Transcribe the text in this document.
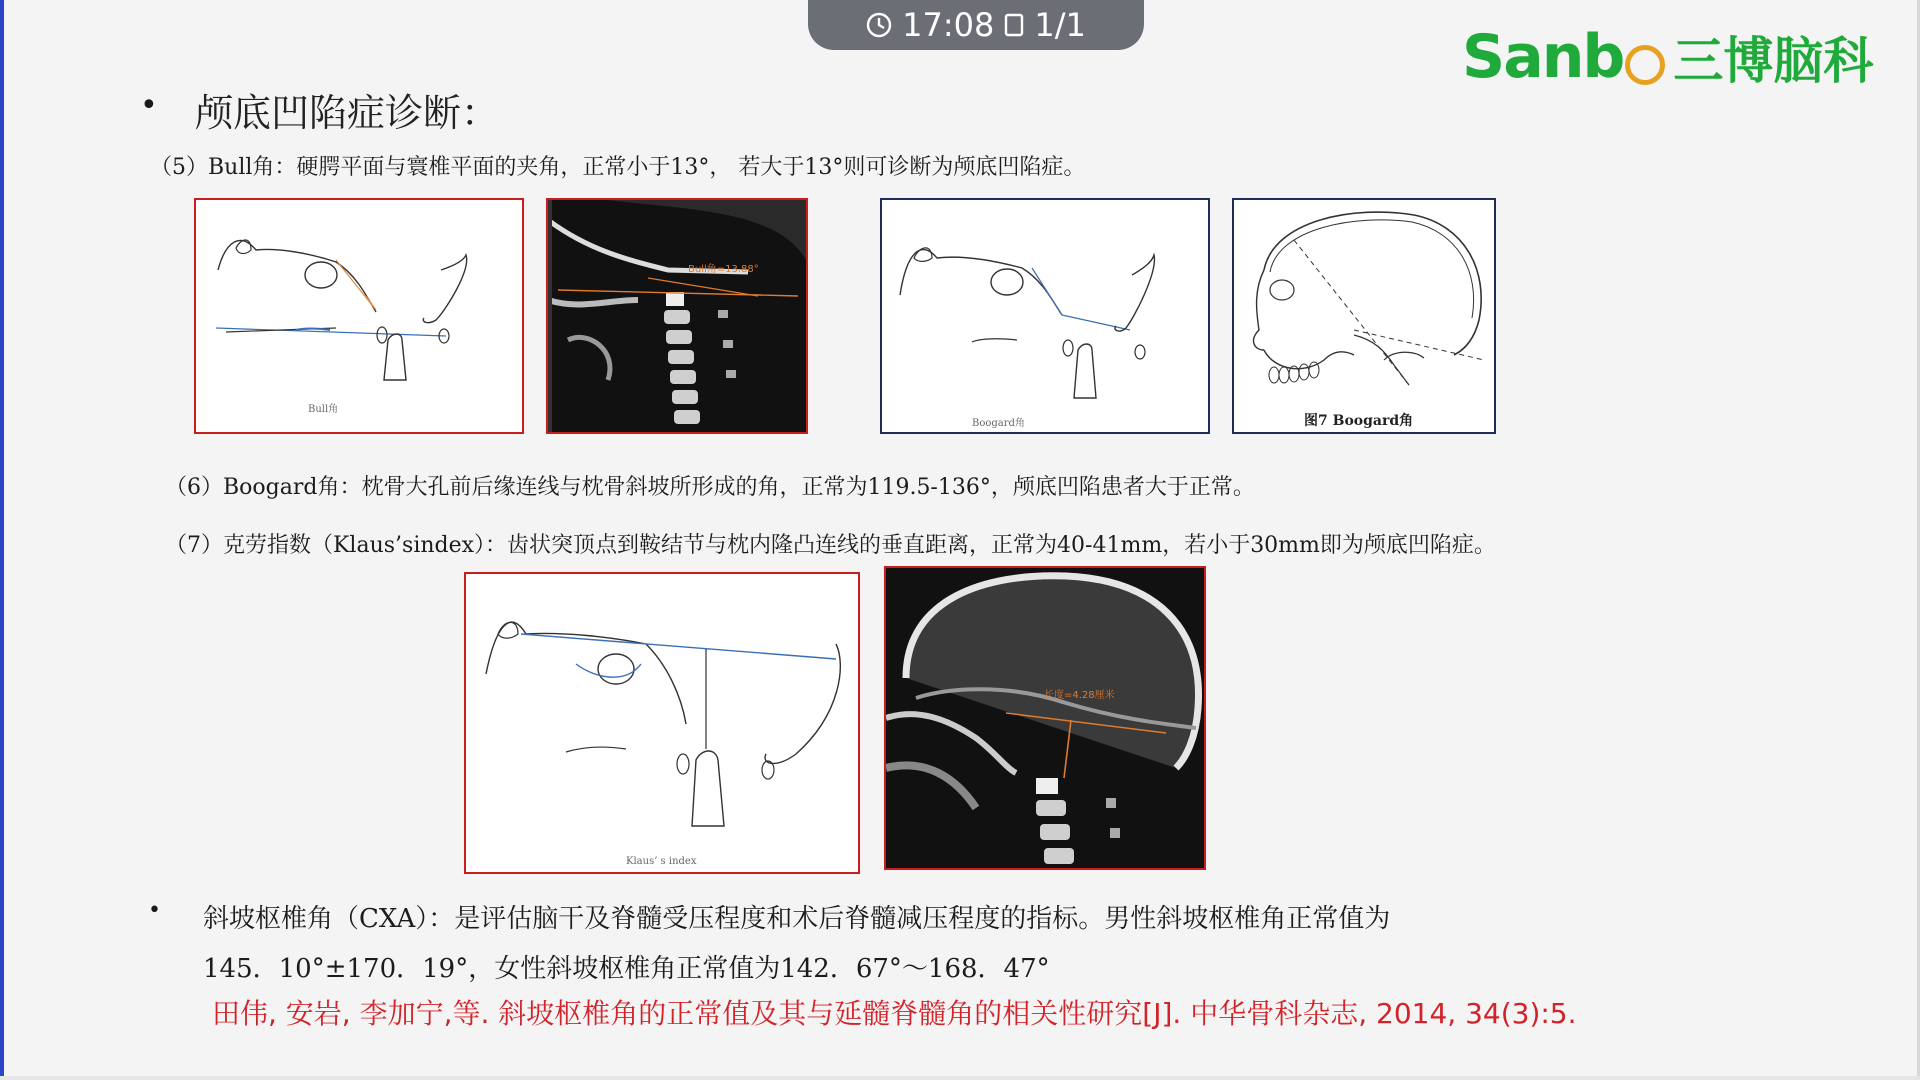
17:08 1/1	Sanb 三博脑科
• 颅底凹陷症诊断：
（5）Bull角：硬腭平面与寰椎平面的夹角，正常小于13°， 若大于13°则可诊断为颅底凹陷症。
Bull角
Bull角=13.88°
Boogard角	图7 Boogard角
（6）Boogard角：枕骨大孔前后缘连线与枕骨斜坡所形成的角，正常为119.5-136°，颅底凹陷患者大于正常。
（7）克劳指数（Klaus’sindex）：齿状突顶点到鞍结节与枕内隆凸连线的垂直距离，正常为40-41mm，若小于30mm即为颅底凹陷症。
Klaus’ s index
长度=4.28厘米
• 斜坡枢椎角（CXA）：是评估脑干及脊髓受压程度和术后脊髓减压程度的指标。男性斜坡枢椎角正常值为
145．10°±170．19°，女性斜坡枢椎角正常值为142．67°～168．47°
田伟, 安岩, 李加宁,等. 斜坡枢椎角的正常值及其与延髓脊髓角的相关性研究[J]. 中华骨科杂志, 2014, 34(3):5.
